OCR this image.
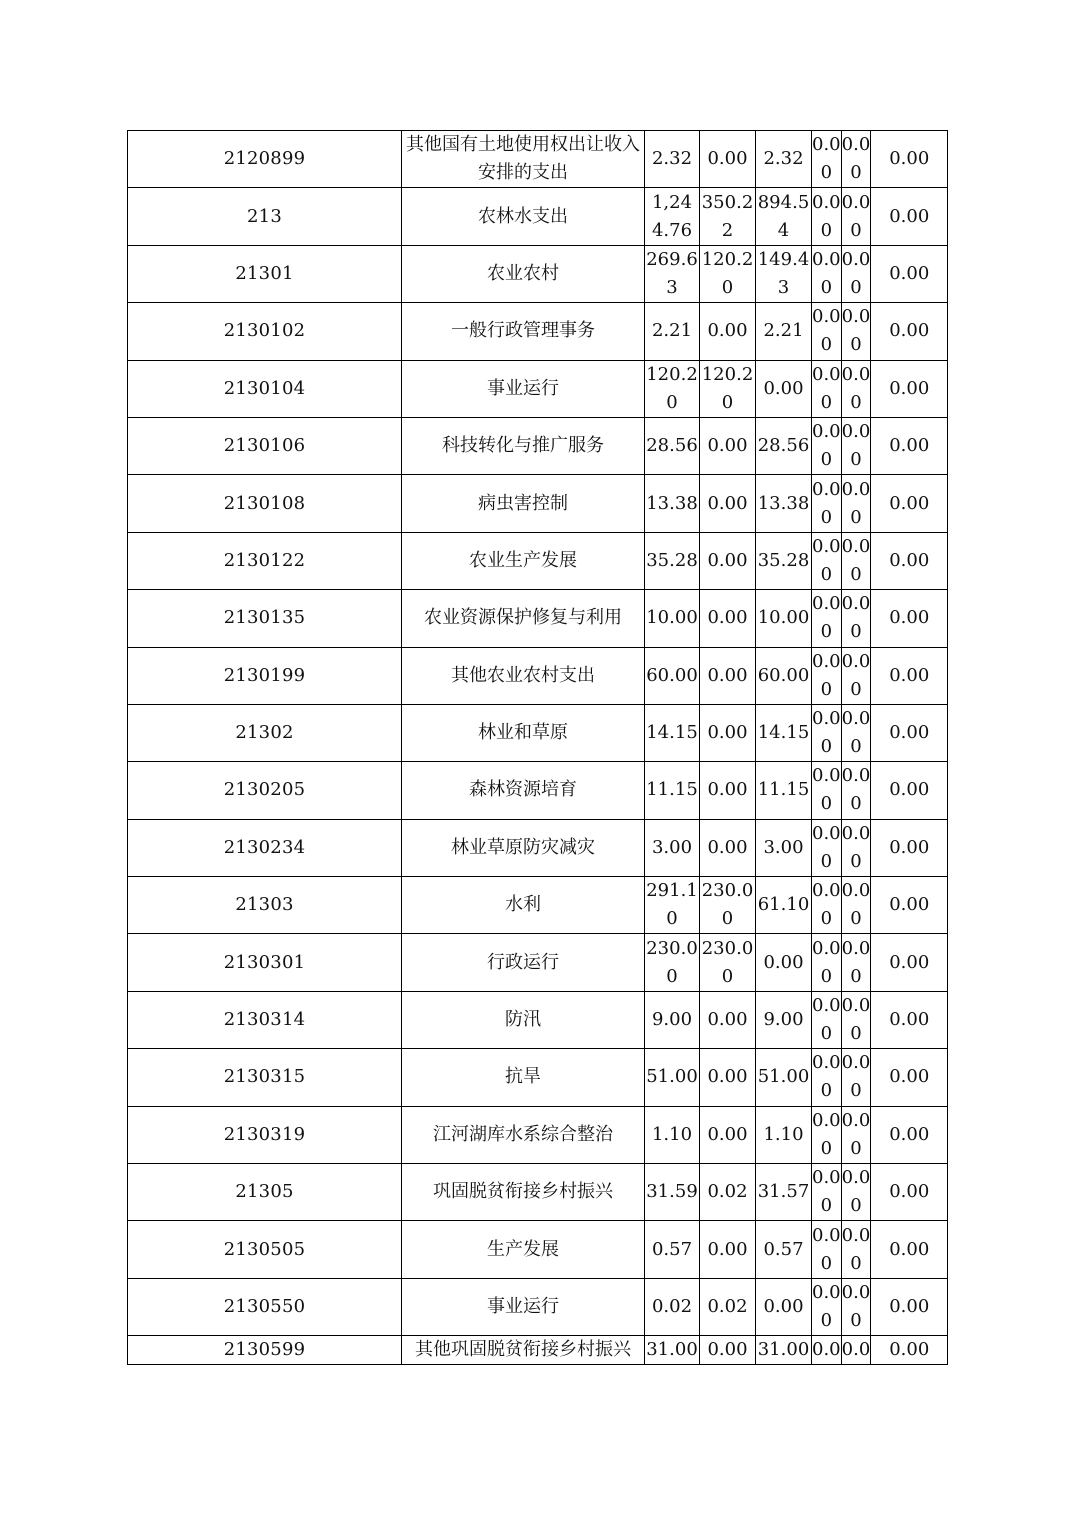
2120899	其他国有土地使用权出让收入安排的支出	2.32	0.00	2.32	0.00	0.00	0.00
213	农林水支出	1,244.76	350.22	894.54	0.00	0.00	0.00
21301	农业农村	269.63	120.20	149.43	0.00	0.00	0.00
2130102	一般行政管理事务	2.21	0.00	2.21	0.00	0.00	0.00
2130104	事业运行	120.20	120.20	0.00	0.00	0.00	0.00
2130106	科技转化与推广服务	28.56	0.00	28.56	0.00	0.00	0.00
2130108	病虫害控制	13.38	0.00	13.38	0.00	0.00	0.00
2130122	农业生产发展	35.28	0.00	35.28	0.00	0.00	0.00
2130135	农业资源保护修复与利用	10.00	0.00	10.00	0.00	0.00	0.00
2130199	其他农业农村支出	60.00	0.00	60.00	0.00	0.00	0.00
21302	林业和草原	14.15	0.00	14.15	0.00	0.00	0.00
2130205	森林资源培育	11.15	0.00	11.15	0.00	0.00	0.00
2130234	林业草原防灾减灾	3.00	0.00	3.00	0.00	0.00	0.00
21303	水利	291.10	230.00	61.10	0.00	0.00	0.00
2130301	行政运行	230.00	230.00	0.00	0.00	0.00	0.00
2130314	防汛	9.00	0.00	9.00	0.00	0.00	0.00
2130315	抗旱	51.00	0.00	51.00	0.00	0.00	0.00
2130319	江河湖库水系综合整治	1.10	0.00	1.10	0.00	0.00	0.00
21305	巩固脱贫衔接乡村振兴	31.59	0.02	31.57	0.00	0.00	0.00
2130505	生产发展	0.57	0.00	0.57	0.00	0.00	0.00
2130550	事业运行	0.02	0.02	0.00	0.00	0.00	0.00
2130599	其他巩固脱贫衔接乡村振兴	31.00	0.00	31.00	0.0	0.0	0.00
